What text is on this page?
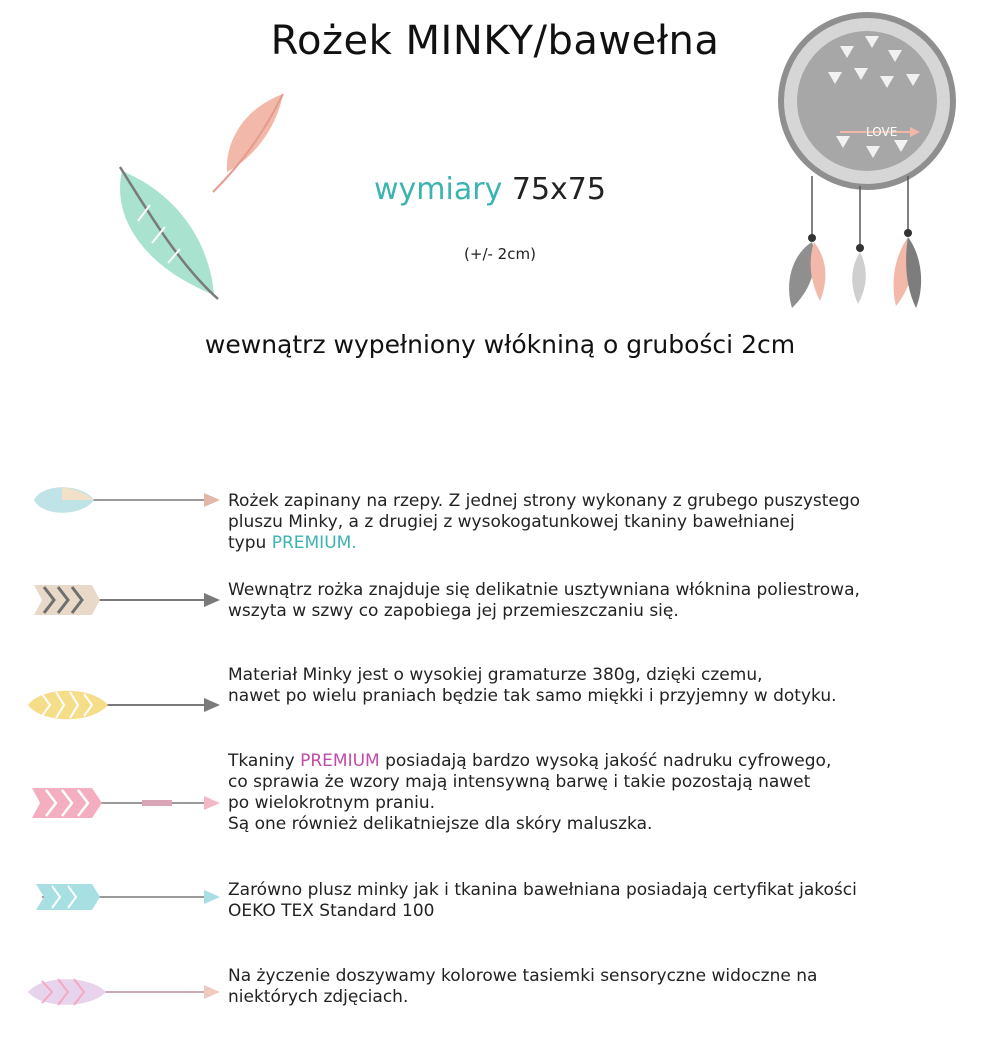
Rożek MINKY/bawełna
LOVE
wymiary 75x75
(+/- 2cm)
wewnątrz wypełniony włókniną o grubości 2cm

Rożek zapinany na rzepy. Z jednej strony wykonany z grubego puszystego

pluszu Minky, a z drugiej z wysokogatunkowej tkaniny bawełnianej

typu PREMIUM.

Wewnątrz rożka znajduje się delikatnie usztywniana włóknina poliestrowa,

wszyta w szwy co zapobiega jej przemieszczaniu się.

Materiał Minky jest o wysokiej gramaturze 380g, dzięki czemu,

nawet po wielu praniach będzie tak samo miękki i przyjemny w dotyku.

Tkaniny PREMIUM posiadają bardzo wysoką jakość nadruku cyfrowego,

co sprawia że wzory mają intensywną barwę i takie pozostają nawet

po wielokrotnym praniu.

Są one również delikatniejsze dla skóry maluszka.

Zarówno plusz minky jak i tkanina bawełniana posiadają certyfikat jakości

OEKO TEX Standard 100

Na życzenie doszywamy kolorowe tasiemki sensoryczne widoczne na

niektórych zdjęciach.
